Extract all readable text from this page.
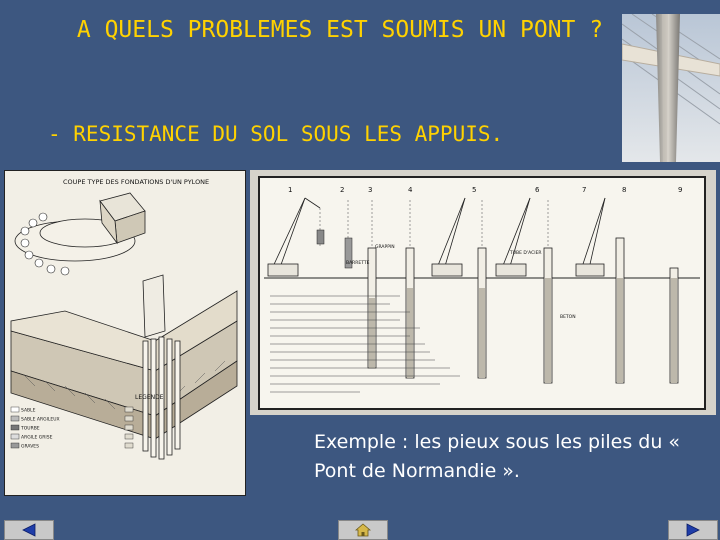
A QUELS PROBLEMES EST SOUMIS UN PONT ?

- RESISTANCE DU SOL SOUS LES APPUIS.

COUPE TYPE DES FONDATIONS D'UN PYLONE
LEGENDE
SABLE
SABLE ARGILEUX
TOURBE
ARGILE GRISE
GRAVES
1	2	3	4	5	6	7	8	9
GRAPPIN
BARRETTE
TUBE D'ACIER
BETON

Exemple : les pieux sous les piles du « Pont de Normandie ».
